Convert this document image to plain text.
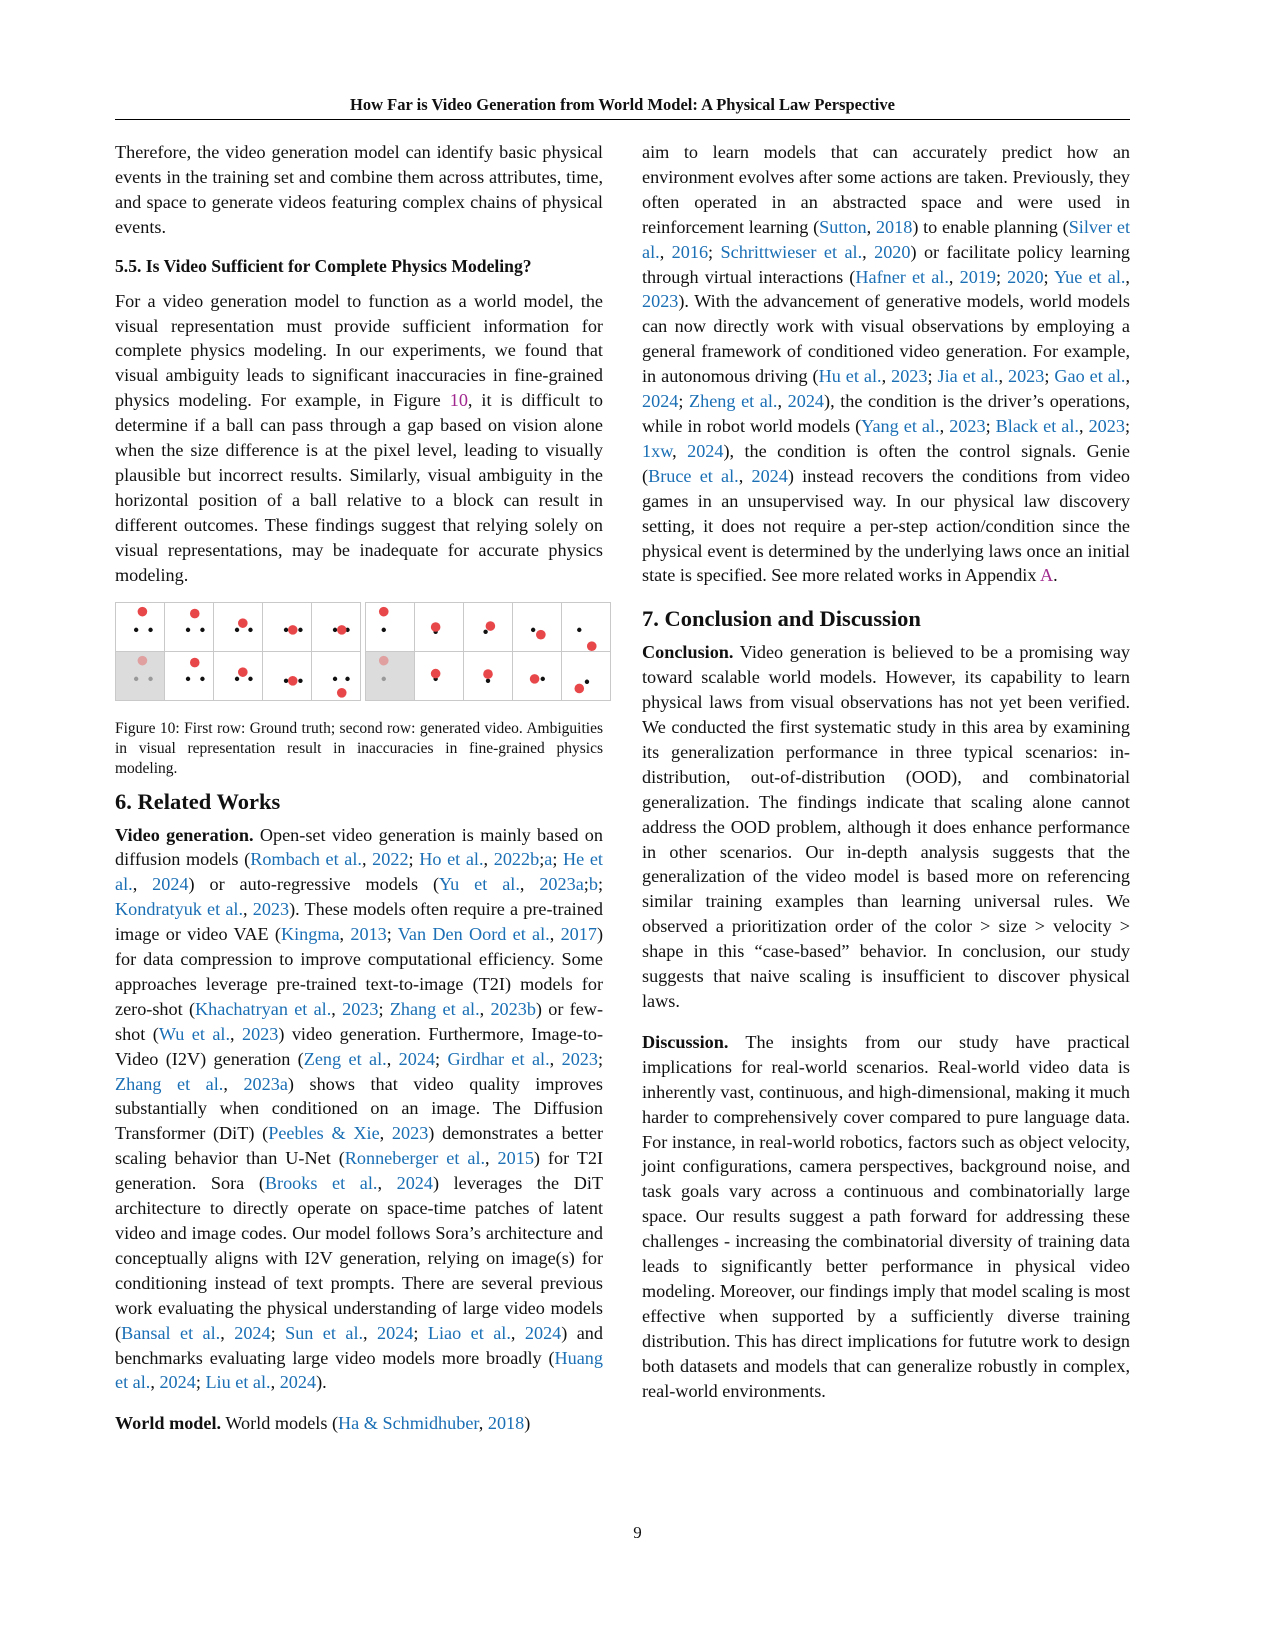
How Far is Video Generation from World Model: A Physical Law Perspective

Therefore, the video generation model can identify basic physical events in the training set and combine them across attributes, time, and space to generate videos featuring complex chains of physical events.

5.5. Is Video Sufficient for Complete Physics Modeling?

For a video generation model to function as a world model, the visual representation must provide sufficient information for complete physics modeling. In our experiments, we found that visual ambiguity leads to significant inaccuracies in fine-grained physics modeling. For example, in Figure 10, it is difficult to determine if a ball can pass through a gap based on vision alone when the size difference is at the pixel level, leading to visually plausible but incorrect results. Similarly, visual ambiguity in the horizontal position of a ball relative to a block can result in different outcomes. These findings suggest that relying solely on visual representations, may be inadequate for accurate physics modeling.

Figure 10: First row: Ground truth; second row: generated video. Ambiguities in visual representation result in inaccuracies in fine-grained physics modeling.
6. Related Works

Video generation. Open-set video generation is mainly based on diffusion models (Rombach et al., 2022; Ho et al., 2022b;a; He et al., 2024) or auto-regressive models (Yu et al., 2023a;b; Kondratyuk et al., 2023). These models often require a pre-trained image or video VAE (Kingma, 2013; Van Den Oord et al., 2017) for data compression to improve computational efficiency. Some approaches leverage pre-trained text-to-image (T2I) models for zero-shot (Khachatryan et al., 2023; Zhang et al., 2023b) or few-shot (Wu et al., 2023) video generation. Furthermore, Image-to-Video (I2V) generation (Zeng et al., 2024; Girdhar et al., 2023; Zhang et al., 2023a) shows that video quality improves substantially when conditioned on an image. The Diffusion Transformer (DiT) (Peebles & Xie, 2023) demonstrates a better scaling behavior than U-Net (Ronneberger et al., 2015) for T2I generation. Sora (Brooks et al., 2024) leverages the DiT architecture to directly operate on space-time patches of latent video and image codes. Our model follows Sora’s architecture and conceptually aligns with I2V generation, relying on image(s) for conditioning instead of text prompts. There are several previous work evaluating the physical understanding of large video models (Bansal et al., 2024; Sun et al., 2024; Liao et al., 2024) and benchmarks evaluating large video models more broadly (Huang et al., 2024; Liu et al., 2024).

World model. World models (Ha & Schmidhuber, 2018)

aim to learn models that can accurately predict how an environment evolves after some actions are taken. Previously, they often operated in an abstracted space and were used in reinforcement learning (Sutton, 2018) to enable planning (Silver et al., 2016; Schrittwieser et al., 2020) or facilitate policy learning through virtual interactions (Hafner et al., 2019; 2020; Yue et al., 2023). With the advancement of generative models, world models can now directly work with visual observations by employing a general framework of conditioned video generation. For example, in autonomous driving (Hu et al., 2023; Jia et al., 2023; Gao et al., 2024; Zheng et al., 2024), the condition is the driver’s operations, while in robot world models (Yang et al., 2023; Black et al., 2023; 1xw, 2024), the condition is often the control signals. Genie (Bruce et al., 2024) instead recovers the conditions from video games in an unsupervised way. In our physical law discovery setting, it does not require a per-step action/condition since the physical event is determined by the underlying laws once an initial state is specified. See more related works in Appendix A.

7. Conclusion and Discussion

Conclusion. Video generation is believed to be a promising way toward scalable world models. However, its capability to learn physical laws from visual observations has not yet been verified. We conducted the first systematic study in this area by examining its generalization performance in three typical scenarios: in-distribution, out-of-distribution (OOD), and combinatorial generalization. The findings indicate that scaling alone cannot address the OOD problem, although it does enhance performance in other scenarios. Our in-depth analysis suggests that the generalization of the video model is based more on referencing similar training examples than learning universal rules. We observed a prioritization order of the color > size > velocity > shape in this “case-based” behavior. In conclusion, our study suggests that naive scaling is insufficient to discover physical laws.

Discussion. The insights from our study have practical implications for real-world scenarios. Real-world video data is inherently vast, continuous, and high-dimensional, making it much harder to comprehensively cover compared to pure language data. For instance, in real-world robotics, factors such as object velocity, joint configurations, camera perspectives, background noise, and task goals vary across a continuous and combinatorially large space. Our results suggest a path forward for addressing these challenges - increasing the combinatorial diversity of training data leads to significantly better performance in physical video modeling. Moreover, our findings imply that model scaling is most effective when supported by a sufficiently diverse training distribution. This has direct implications for fututre work to design both datasets and models that can generalize robustly in complex, real-world environments.

9
